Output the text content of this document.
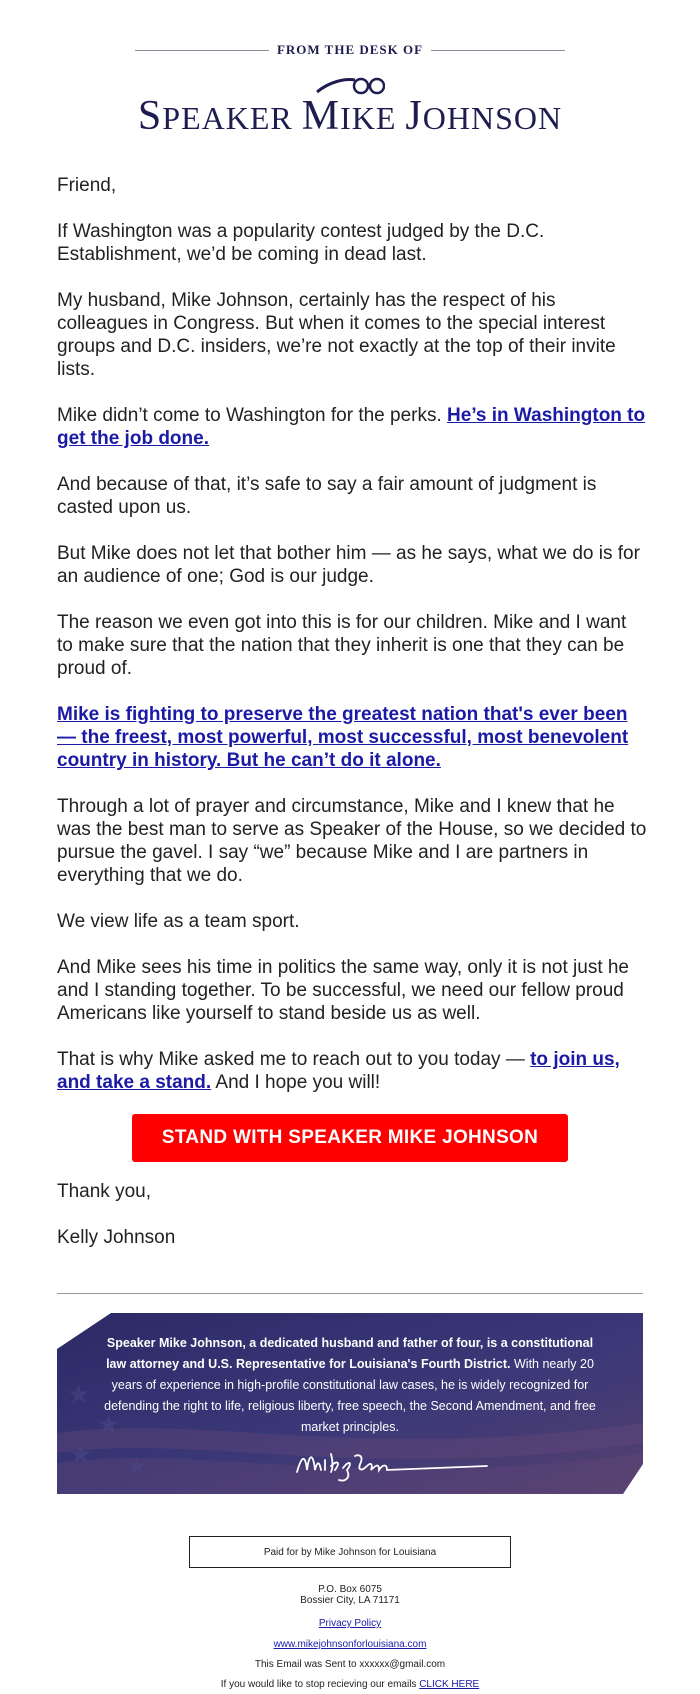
FROM THE DESK OF
SPEAKER MIKE JOHNSON

Friend,

If Washington was a popularity contest judged by the D.C. Establishment, we’d be coming in dead last.

My husband, Mike Johnson, certainly has the respect of his colleagues in Congress. But when it comes to the special interest groups and D.C. insiders, we’re not exactly at the top of their invite lists.

Mike didn’t come to Washington for the perks. He’s in Washington to get the job done.

And because of that, it’s safe to say a fair amount of judgment is casted upon us.

But Mike does not let that bother him — as he says, what we do is for an audience of one; God is our judge.

The reason we even got into this is for our children. Mike and I want to make sure that the nation that they inherit is one that they can be proud of.

Mike is fighting to preserve the greatest nation that's ever been — the freest, most powerful, most successful, most benevolent country in history. But he can’t do it alone.

Through a lot of prayer and circumstance, Mike and I knew that he was the best man to serve as Speaker of the House, so we decided to pursue the gavel. I say “we” because Mike and I are partners in everything that we do.

We view life as a team sport.

And Mike sees his time in politics the same way, only it is not just he and I standing together. To be successful, we need our fellow proud Americans like yourself to stand beside us as well.

That is why Mike asked me to reach out to you today — to join us, and take a stand. And I hope you will!

STAND WITH SPEAKER MIKE JOHNSON
Thank you,
Kelly Johnson
★
★
★ ★
Speaker Mike Johnson, a dedicated husband and father of four, is a constitutional law attorney and U.S. Representative for Louisiana's Fourth District. With nearly 20 years of experience in high-profile constitutional law cases, he is widely recognized for defending the right to life, religious liberty, free speech, the Second Amendment, and free market principles.
Paid for by Mike Johnson for Louisiana
P.O. Box 6075
Bossier City, LA 71171
Privacy Policy
www.mikejohnsonforlouisiana.com
This Email was Sent to xxxxxx@gmail.com
If you would like to stop recieving our emails CLICK HERE
